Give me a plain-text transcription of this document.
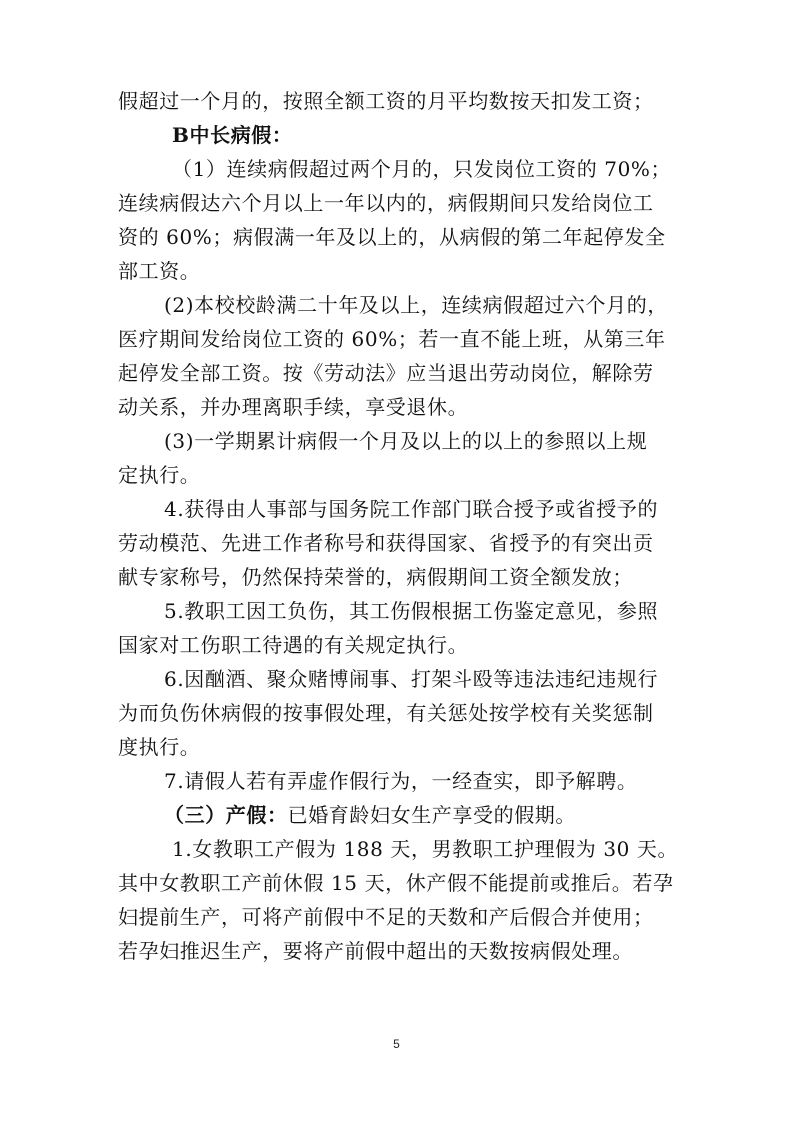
假超过一个月的，按照全额工资的月平均数按天扣发工资；
B中长病假：
（1）连续病假超过两个月的，只发岗位工资的 70%；
连续病假达六个月以上一年以内的，病假期间只发给岗位工
资的 60%；病假满一年及以上的，从病假的第二年起停发全
部工资。
(2)本校校龄满二十年及以上，连续病假超过六个月的，
医疗期间发给岗位工资的 60%；若一直不能上班，从第三年
起停发全部工资。按《劳动法》应当退出劳动岗位，解除劳
动关系，并办理离职手续，享受退休。
(3)一学期累计病假一个月及以上的以上的参照以上规
定执行。
4.获得由人事部与国务院工作部门联合授予或省授予的
劳动模范、先进工作者称号和获得国家、省授予的有突出贡
献专家称号，仍然保持荣誉的，病假期间工资全额发放；
5.教职工因工负伤，其工伤假根据工伤鉴定意见，参照
国家对工伤职工待遇的有关规定执行。
6.因酗酒、聚众赌博闹事、打架斗殴等违法违纪违规行
为而负伤休病假的按事假处理，有关惩处按学校有关奖惩制
度执行。
7.请假人若有弄虚作假行为，一经查实，即予解聘。
（三）产假：已婚育龄妇女生产享受的假期。
1.女教职工产假为 188 天，男教职工护理假为 30 天。
其中女教职工产前休假 15 天，休产假不能提前或推后。若孕
妇提前生产，可将产前假中不足的天数和产后假合并使用；
若孕妇推迟生产，要将产前假中超出的天数按病假处理。
5
